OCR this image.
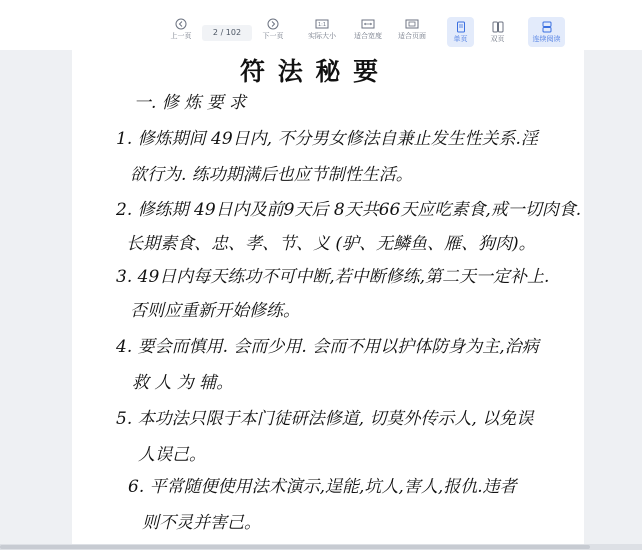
上一页	2 / 102	下一页
1:1
实际大小	适合宽度	适合页面	单页	双页	连续阅读
符 法 秘 要
一. 修 炼 要 求
1. 修炼期间 49日内, 不分男女修法自兼止发生性关系.淫
欲行为. 练功期满后也应节制性生活。
2. 修练期 49日内及前9天后 8天共66天应吃素食,戒一切肉食.
长期素食、忠、孝、节、义 (驴、无鳞鱼、雁、狗肉)。
3. 49日内每天练功不可中断,若中断修练,第二天一定补上.
否则应重新开始修练。
4. 要会而慎用. 会而少用. 会而不用以护体防身为主,治病
救 人 为 辅。
5. 本功法只限于本门徒研法修道, 切莫外传示人, 以免误
人误己。
6. 平常随便使用法术演示,逞能,坑人,害人,报仇.违者
则不灵并害己。
